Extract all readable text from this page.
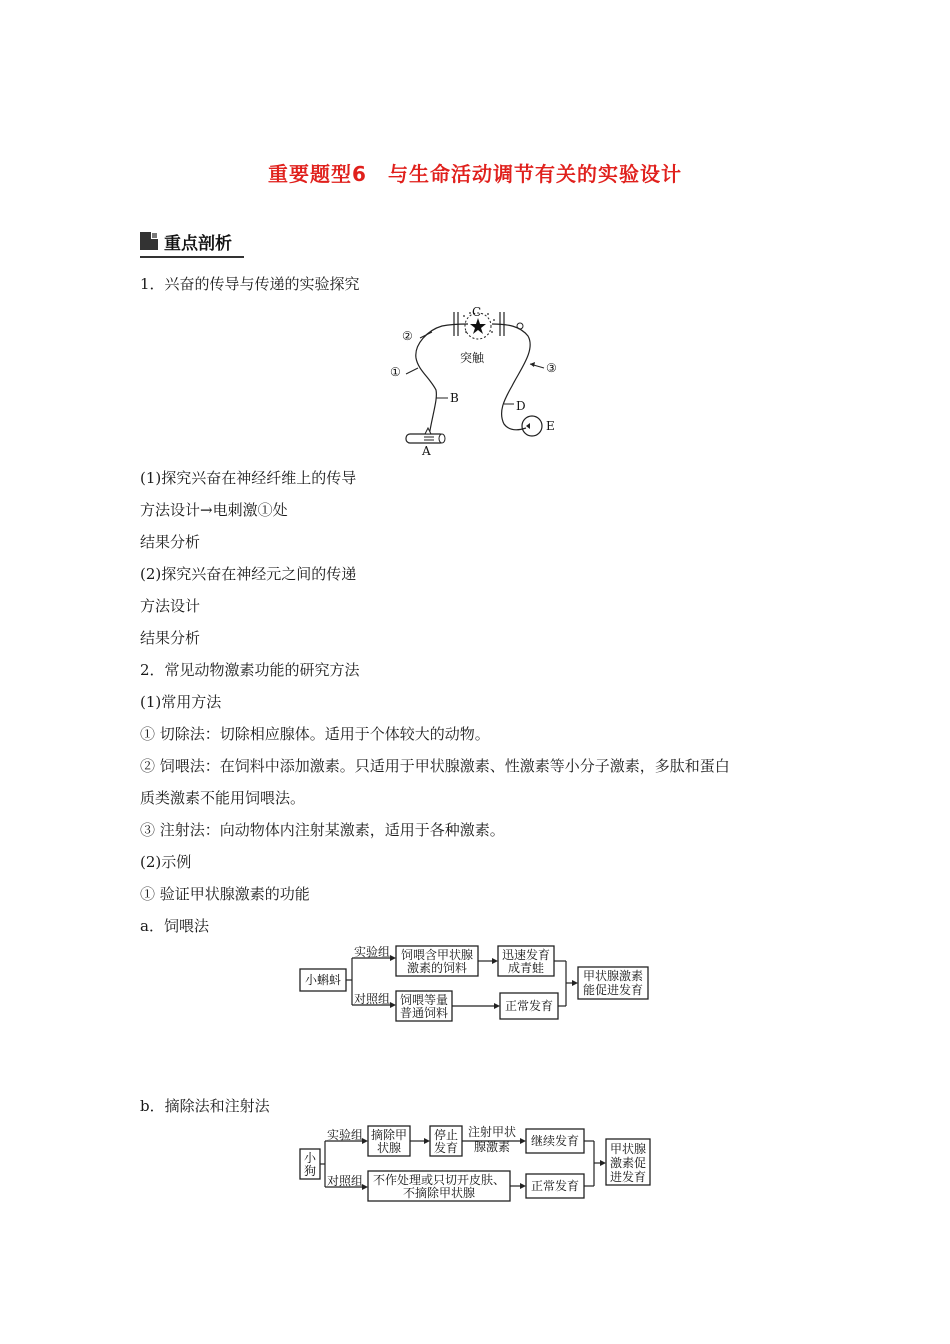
重要题型6　与生命活动调节有关的实验设计
重点剖析
1．兴奋的传导与传递的实验探究
C
突触
E
②
①
B
③
D
A
(1)探究兴奋在神经纤维上的传导
方法设计→电刺激①处
结果分析
(2)探究兴奋在神经元之间的传递
方法设计
结果分析
2．常见动物激素功能的研究方法
(1)常用方法
① 切除法：切除相应腺体。适用于个体较大的动物。
② 饲喂法：在饲料中添加激素。只适用于甲状腺激素、性激素等小分子激素，多肽和蛋白
质类激素不能用饲喂法。
③ 注射法：向动物体内注射某激素，适用于各种激素。
(2)示例
① 验证甲状腺激素的功能
a．饲喂法
小蝌蚪
实验组
对照组
饲喂含甲状腺
激素的饲料
迅速发育
成青蛙
饲喂等量
普通饲料	正常发育
甲状腺激素
能促进发育
b．摘除法和注射法
小
狗
实验组
对照组
摘除甲
状腺
停止
发育
注射甲状
腺激素 继续发育
不作处理或只切开皮肤、
不摘除甲状腺	正常发育
甲状腺
激素促
进发育
